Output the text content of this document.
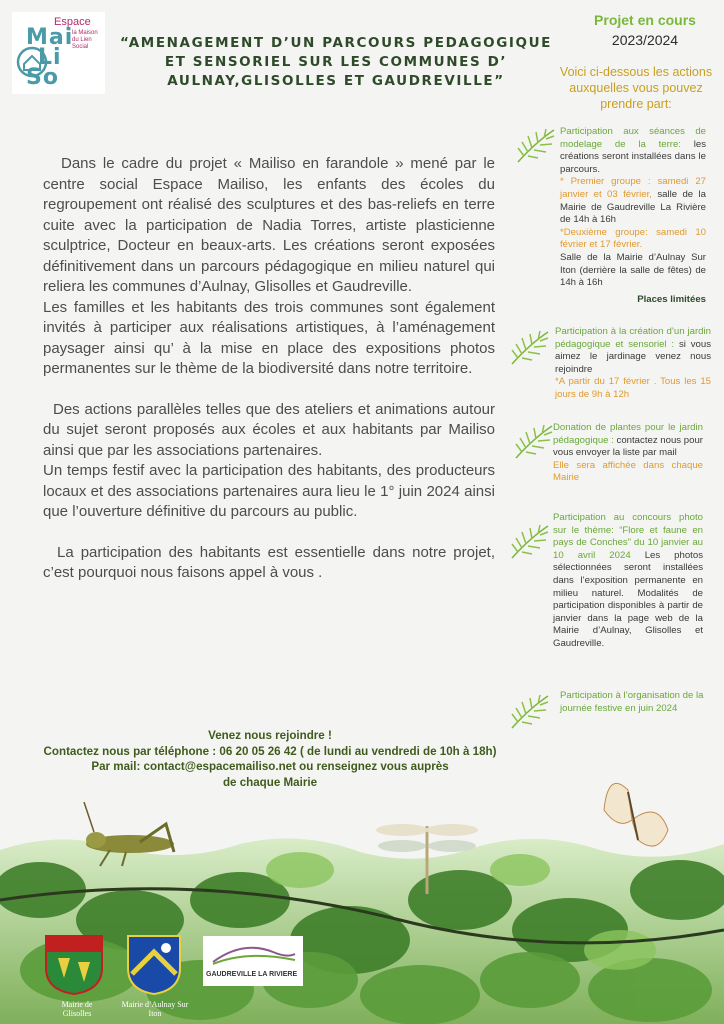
Espace
Mai
Li
So
la Maison du Lien Social	“AMENAGEMENT D’UN PARCOURS PEDAGOGIQUE ET SENSORIEL SUR LES COMMUNES D’ AULNAY,GLISOLLES ET GAUDREVILLE”
Projet en cours
2023/2024
Voici ci-dessous les actions auxquelles vous pouvez prendre part:

Dans le cadre du projet « Mailiso en farandole » mené par le centre social Espace Mailiso, les enfants des écoles du regroupement ont réalisé des sculptures et des bas-reliefs en terre cuite avec la participation de Nadia Torres, artiste plasticienne sculptrice, Docteur en beaux-arts. Les créations seront exposées définitivement dans un parcours pédagogique en milieu naturel qui reliera les communes d’Aulnay, Glisolles et Gaudreville.

Les familles et les habitants des trois communes sont également invités à participer aux réalisations artistiques, à l’aménagement paysager ainsi qu’ à la mise en place des expositions photos permanentes sur le thème de la biodiversité dans notre territoire.

Des actions parallèles telles que des ateliers et animations autour du sujet seront proposés aux écoles et aux habitants par Mailiso ainsi que par les associations partenaires.

Un temps festif avec la participation des habitants, des producteurs locaux et des associations partenaires aura lieu le 1° juin 2024 ainsi que l’ouverture définitive du parcours au public.

La participation des habitants est essentielle dans notre projet, c’est pourquoi nous faisons appel à vous .

Participation aux séances de modelage de la terre: les créations seront installées dans le parcours.
* Premier groupe : samedi 27 janvier et 03 février, salle de la Mairie de Gaudreville La Rivière de 14h à 16h
*Deuxième groupe: samedi 10 février et 17 février.
Salle de la Mairie d’Aulnay Sur Iton (derrière la salle de fêtes) de 14h à 16h
Places limitées
Participation à la création d’un jardin pédagogique et sensoriel : si vous aimez le jardinage venez nous rejoindre
*A partir du 17 février . Tous les 15 jours de 9h à 12h
Donation de plantes pour le jardin pédagogique : contactez nous pour vous envoyer la liste par mail
Elle sera affichée dans chaque Mairie
Participation au concours photo sur le thème: “Flore et faune en pays de Conches” du 10 janvier au 10 avril 2024 Les photos sélectionnées seront installées dans l’exposition permanente en milieu naturel. Modalités de participation disponibles à partir de janvier dans la page web de la Mairie d’Aulnay, Glisolles et Gaudreville.
Participation à l’organisation de la journée festive en juin 2024
Venez nous rejoindre !
Contactez nous par téléphone : 06 20 05 26 42 ( de lundi au vendredi de 10h à 18h)
Par mail: contact@espacemailiso.net ou renseignez vous auprès
de chaque Mairie
Mairie de Glisolles
Mairie d’Aulnay Sur Iton
GAUDREVILLE LA RIVIERE
